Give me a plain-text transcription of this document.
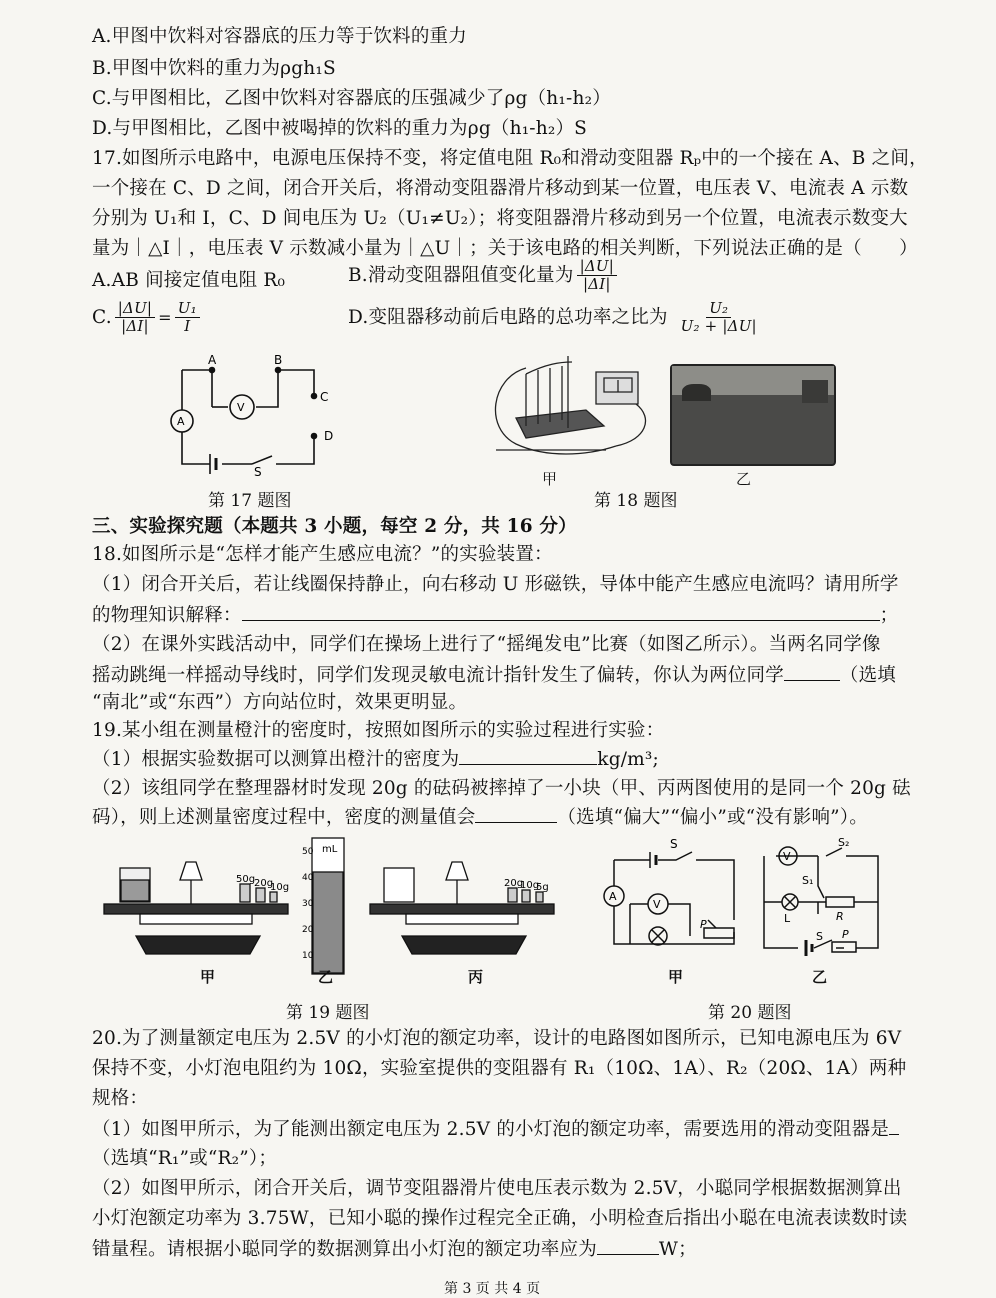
A.甲图中饮料对容器底的压力等于饮料的重力
B.甲图中饮料的重力为ρgh₁S
C.与甲图相比，乙图中饮料对容器底的压强减少了ρg（h₁-h₂）
D.与甲图相比，乙图中被喝掉的饮料的重力为ρg（h₁-h₂）S
17.如图所示电路中，电源电压保持不变，将定值电阻 R₀和滑动变阻器 Rₚ中的一个接在 A、B 之间，
一个接在 C、D 之间，闭合开关后，将滑动变阻器滑片移动到某一位置，电压表 V、电流表 A 示数
分别为 U₁和 I，C、D 间电压为 U₂（U₁≠U₂）；将变阻器滑片移动到另一个位置，电流表示数变大
量为｜△I｜，电压表 V 示数减小量为｜△U｜；关于该电路的相关判断，下列说法正确的是（　　）
A.AB 间接定值电阻 R₀	B.滑动变阻器阻值变化量为 $\frac{|\Delta U|}{|\Delta I|}$
C. $\frac{|\Delta U|}{|\Delta I|} = \frac{\text{U₁}}{I}$	D.变阻器移动前后电路的总功率之比为 $\frac{\text{U₂}}{\text{U₂ + |ΔU|}}$
A	B
C
D
S
A
V
第 17 题图
甲
第 18 题图
乙
三、实验探究题（本题共 3 小题，每空 2 分，共 16 分）
18.如图所示是“怎样才能产生感应电流？”的实验装置：
（1）闭合开关后，若让线圈保持静止，向右移动 U 形磁铁，导体中能产生感应电流吗？请用所学
的物理知识解释：	；
（2）在课外实践活动中，同学们在操场上进行了“摇绳发电”比赛（如图乙所示）。当两名同学像
摇动跳绳一样摇动导线时，同学们发现灵敏电流计指针发生了偏转，你认为两位同学	（选填
“南北”或“东西”）方向站位时，效果更明显。
19.某小组在测量橙汁的密度时，按照如图所示的实验过程进行实验：
（1）根据实验数据可以测算出橙汁的密度为	kg/m³;
（2）该组同学在整理器材时发现 20g 的砝码被摔掉了一小块（甲、丙两图使用的是同一个 20g 砝
码），则上述测量密度过程中，密度的测量值会	（选填“偏大”“偏小”或“没有影响”）。
mL
50
40
30
20
10
50g
20g
10g	20g
10g
5g
甲	乙	丙
第 19 题图
S
A
V
P
V
S₂
S₁
L	R
S P
甲	乙
第 20 题图
20.为了测量额定电压为 2.5V 的小灯泡的额定功率，设计的电路图如图所示，已知电源电压为 6V
保持不变，小灯泡电阻约为 10Ω，实验室提供的变阻器有 R₁（10Ω、1A）、R₂（20Ω、1A）两种
规格：
（1）如图甲所示，为了能测出额定电压为 2.5V 的小灯泡的额定功率，需要选用的滑动变阻器是
（选填“R₁”或“R₂”）；
（2）如图甲所示，闭合开关后，调节变阻器滑片使电压表示数为 2.5V，小聪同学根据数据测算出
小灯泡额定功率为 3.75W，已知小聪的操作过程完全正确，小明检查后指出小聪在电流表读数时读
错量程。请根据小聪同学的数据测算出小灯泡的额定功率应为	W；
第 3 页 共 4 页
